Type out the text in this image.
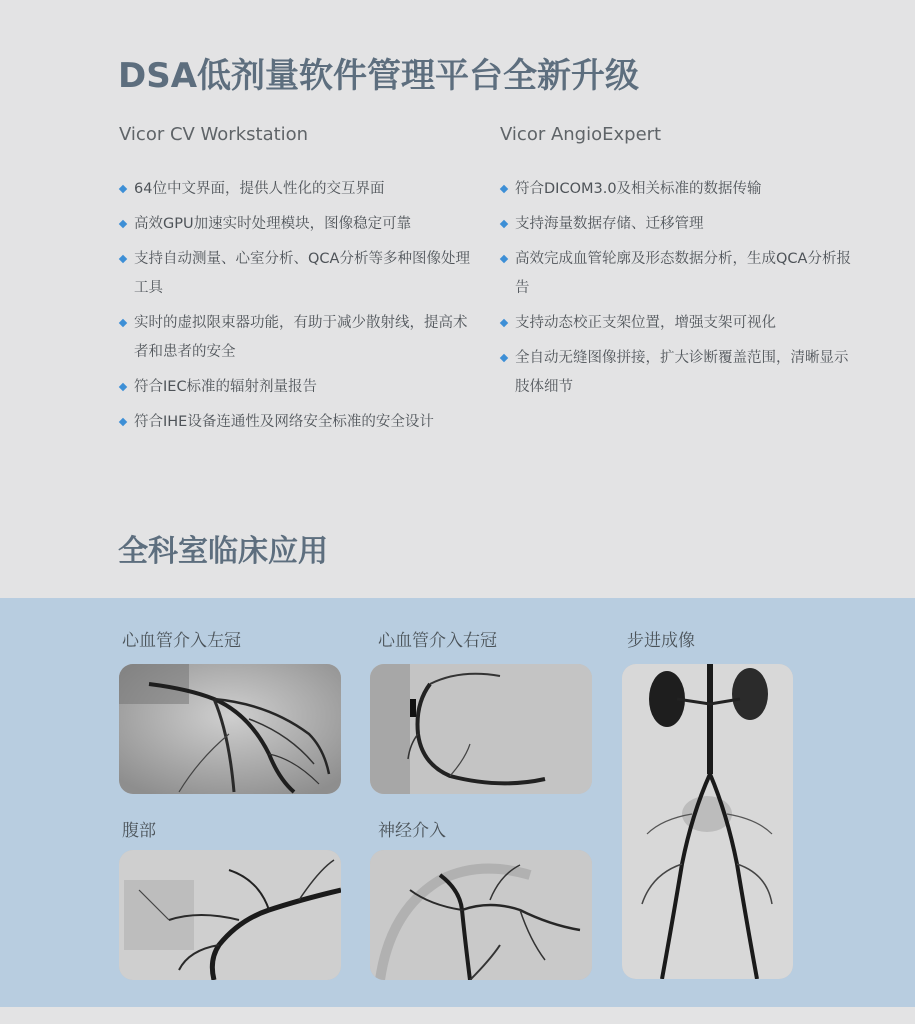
DSA低剂量软件管理平台全新升级
Vicor CV Workstation
64位中文界面，提供人性化的交互界面
高效GPU加速实时处理模块，图像稳定可靠
支持自动测量、心室分析、QCA分析等多种图像处理工具
实时的虚拟限束器功能，有助于减少散射线，提高术者和患者的安全
符合IEC标准的辐射剂量报告
符合IHE设备连通性及网络安全标准的安全设计
Vicor AngioExpert
符合DICOM3.0及相关标准的数据传输
支持海量数据存储、迁移管理
高效完成血管轮廓及形态数据分析，生成QCA分析报告
支持动态校正支架位置，增强支架可视化
全自动无缝图像拼接，扩大诊断覆盖范围，清晰显示肢体细节
全科室临床应用
心血管介入左冠	心血管介入右冠	步进成像
腹部	神经介入
